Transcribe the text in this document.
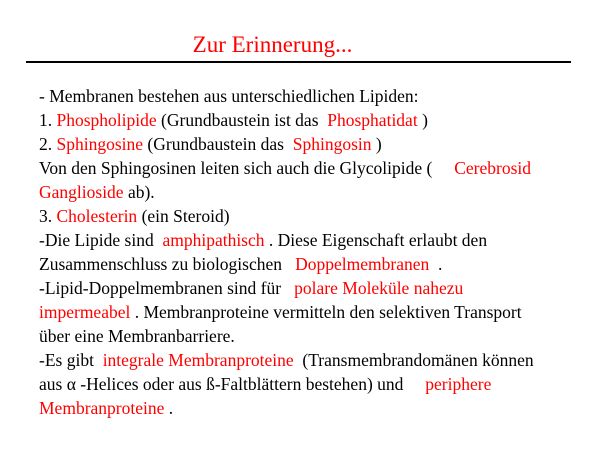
Zur Erinnerung...
- Membranen bestehen aus unterschiedlichen Lipiden:
1. Phospholipide (Grundbaustein ist das  Phosphatidat )
2. Sphingosine (Grundbaustein das  Sphingosin )
Von den Sphingosinen leiten sich auch die Glycolipide (     Cerebrosid
Ganglioside ab).
3. Cholesterin (ein Steroid)
-Die Lipide sind  amphipathisch . Diese Eigenschaft erlaubt den
Zusammenschluss zu biologischen   Doppelmembranen  .
-Lipid-Doppelmembranen sind für   polare Moleküle nahezu
impermeabel . Membranproteine vermitteln den selektiven Transport
über eine Membranbarriere.
-Es gibt  integrale Membranproteine  (Transmembrandomänen können
aus α -Helices oder aus ß-Faltblättern bestehen) und     periphere
Membranproteine .
